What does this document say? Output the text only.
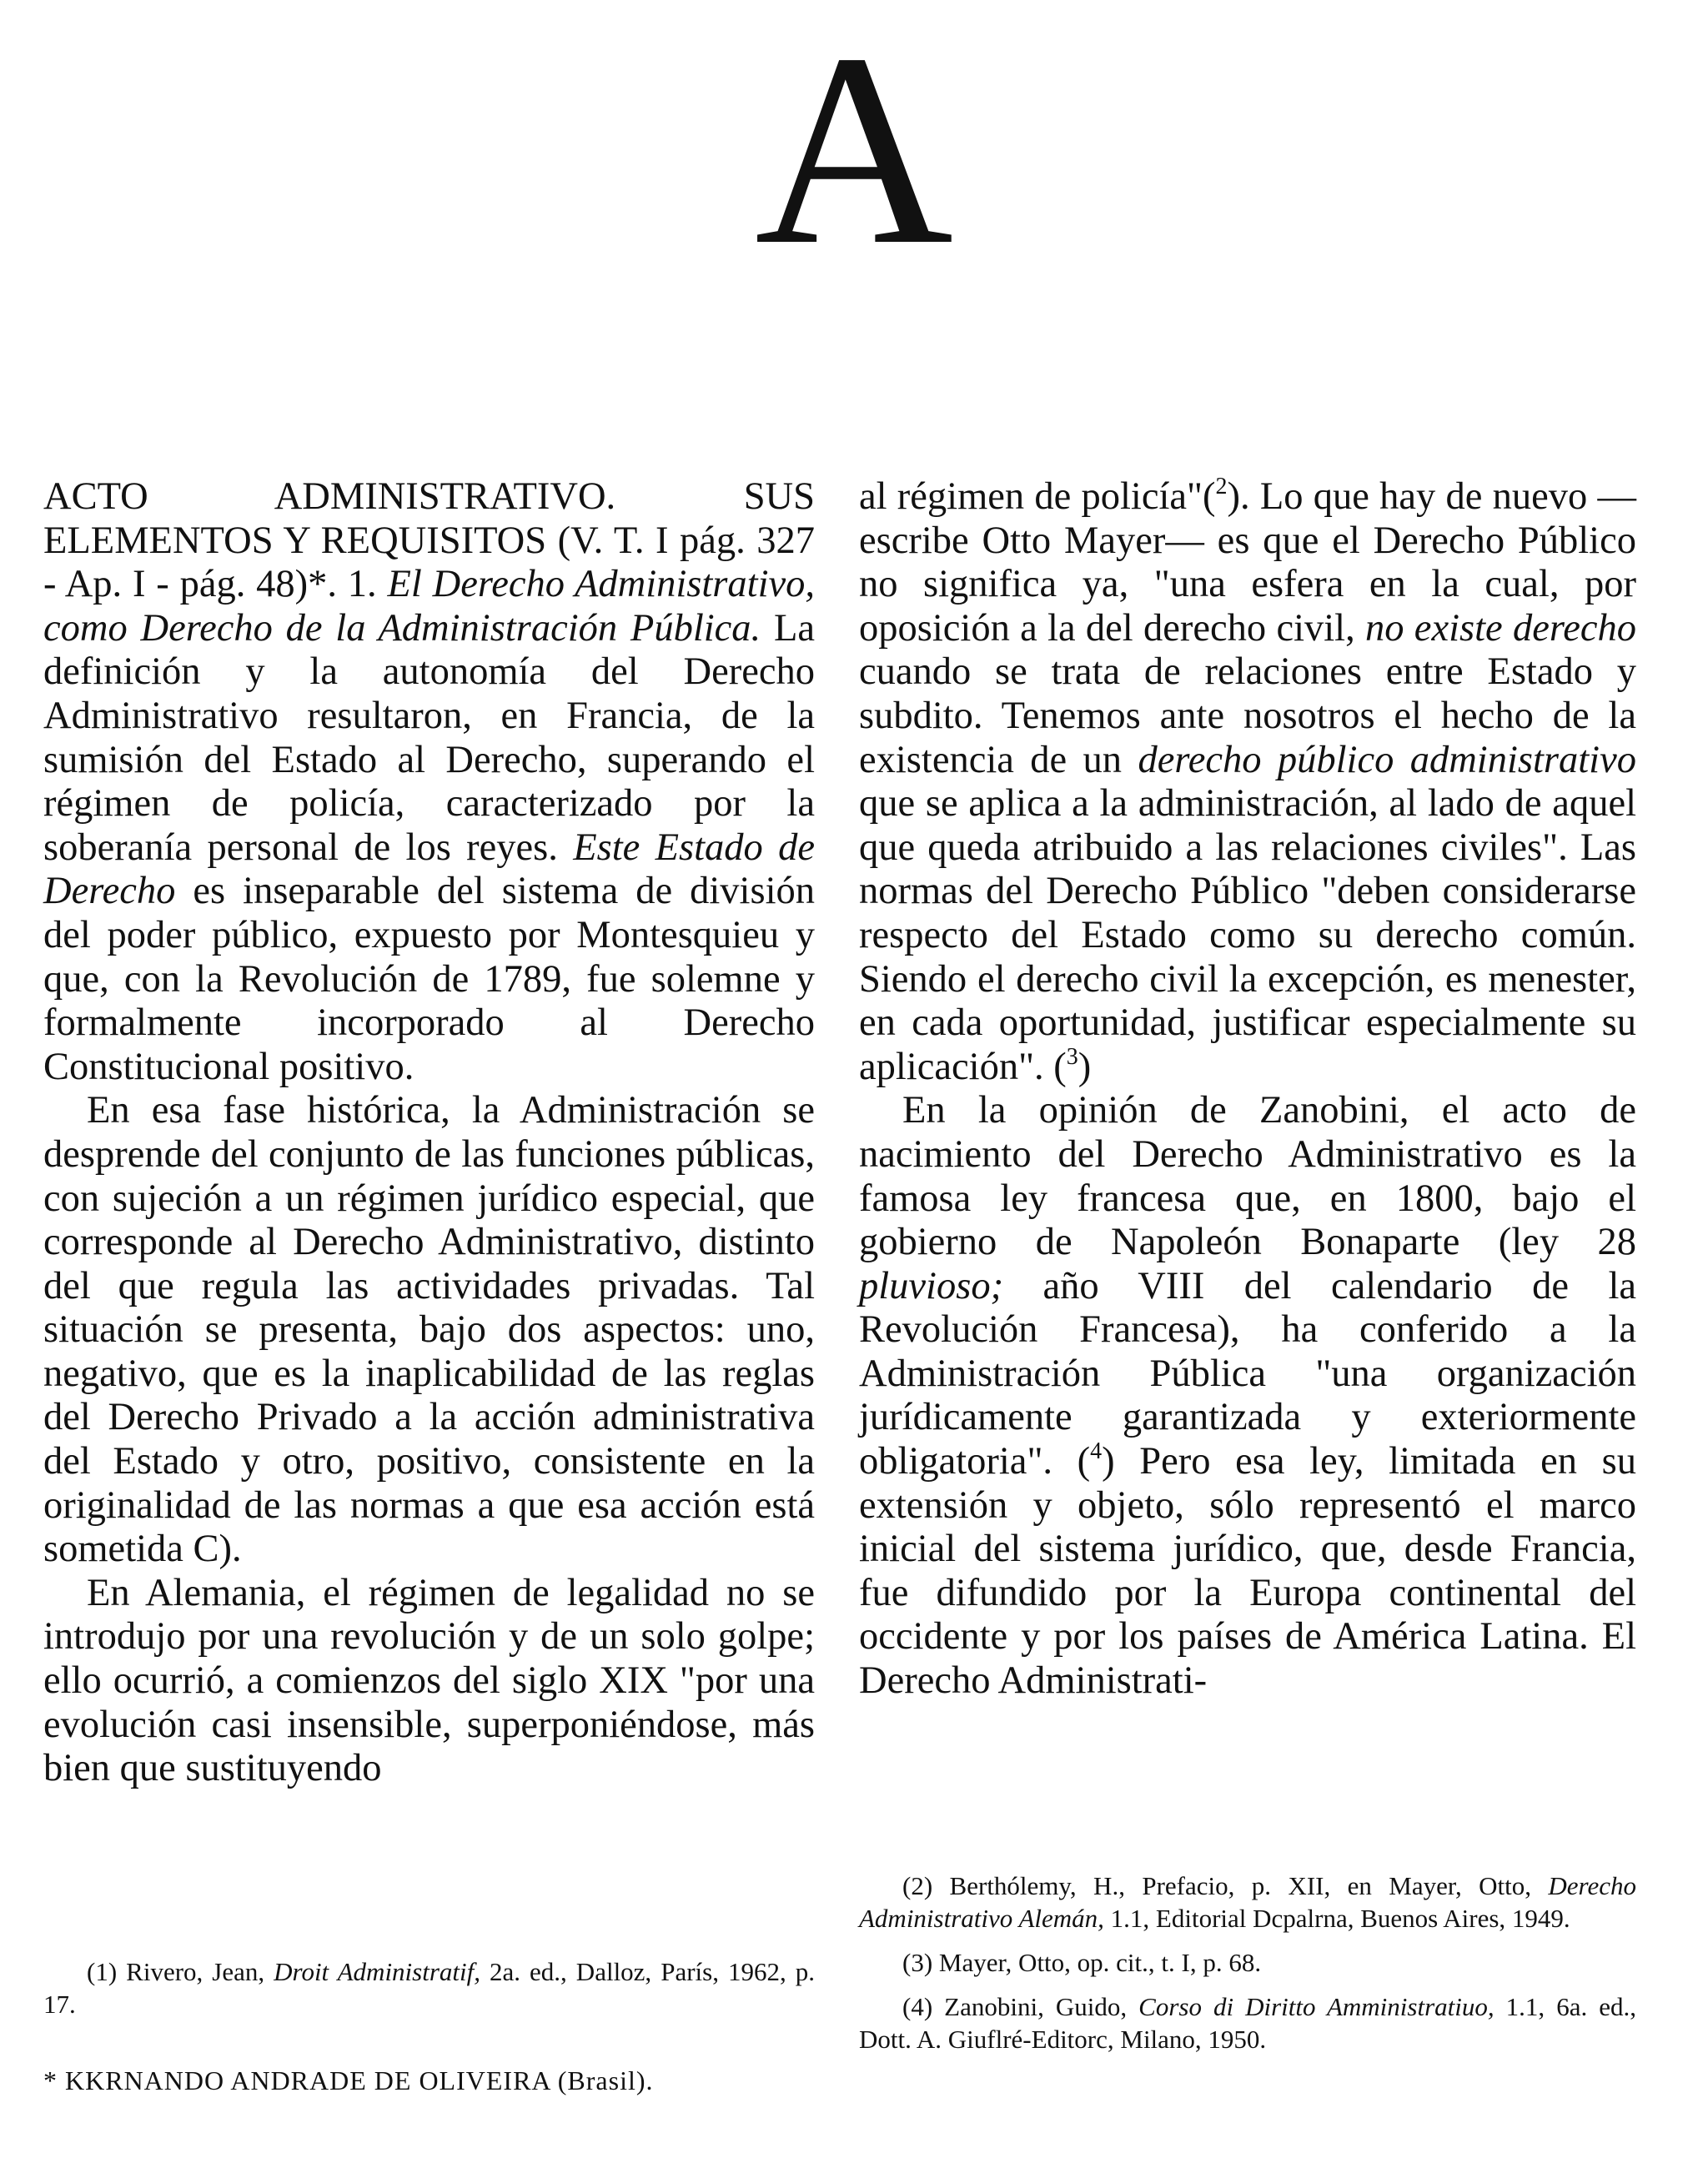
A

ACTO ADMINISTRATIVO. SUS ELEMENTOS Y REQUISITOS (V. T. I pág. 327 - Ap. I - pág. 48)*. 1. El Derecho Administrativo, como Derecho de la Administración Pública. La definición y la autonomía del Derecho Administrativo resultaron, en Francia, de la sumisión del Estado al Derecho, superando el régimen de policía, caracterizado por la soberanía personal de los reyes. Este Estado de Derecho es inseparable del sistema de división del poder público, expuesto por Montesquieu y que, con la Revolución de 1789, fue solemne y formalmente incorporado al Derecho Constitucional positivo.

En esa fase histórica, la Administración se desprende del conjunto de las funciones públicas, con sujeción a un régimen jurídico especial, que corresponde al Derecho Administrativo, distinto del que regula las actividades privadas. Tal situación se presenta, bajo dos aspectos: uno, negativo, que es la inaplicabilidad de las reglas del Derecho Privado a la acción administrativa del Estado y otro, positivo, consistente en la originalidad de las normas a que esa acción está sometida C).

En Alemania, el régimen de legalidad no se introdujo por una revolución y de un solo golpe; ello ocurrió, a comienzos del siglo XIX "por una evolución casi insensible, superponiéndose, más bien que sustituyendo

al régimen de policía"($^2$). Lo que hay de nuevo —escribe Otto Mayer— es que el Derecho Público no significa ya, "una esfera en la cual, por oposición a la del derecho civil, no existe derecho cuando se trata de relaciones entre Estado y subdito. Tenemos ante nosotros el hecho de la existencia de un derecho público administrativo que se aplica a la administración, al lado de aquel que queda atribuido a las relaciones civiles". Las normas del Derecho Público "deben considerarse respecto del Estado como su derecho común. Siendo el derecho civil la excepción, es menester, en cada oportunidad, justificar especialmente su aplicación". ($^3$)

En la opinión de Zanobini, el acto de nacimiento del Derecho Administrativo es la famosa ley francesa que, en 1800, bajo el gobierno de Napoleón Bonaparte (ley 28 pluvioso; año VIII del calendario de la Revolución Francesa), ha conferido a la Administración Pública "una organización jurídicamente garantizada y exteriormente obligatoria". ($^4$) Pero esa ley, limitada en su extensión y objeto, sólo representó el marco inicial del sistema jurídico, que, desde Francia, fue difundido por la Europa continental del occidente y por los países de América Latina. El Derecho Administrati-

(1) Rivero, Jean, Droit Administratif, 2a. ed., Dalloz, París, 1962, p. 17.

* KKRNANDO ANDRADE DE OLIVEIRA (Brasil).

(2) Berthólemy, H., Prefacio, p. XII, en Mayer, Otto, Derecho Administrativo Alemán, 1.1, Editorial Dcpalrna, Buenos Aires, 1949.

(3) Mayer, Otto, op. cit., t. I, p. 68.

(4) Zanobini, Guido, Corso di Diritto Amministratiuo, 1.1, 6a. ed., Dott. A. Giuflré-Editorc, Milano, 1950.
